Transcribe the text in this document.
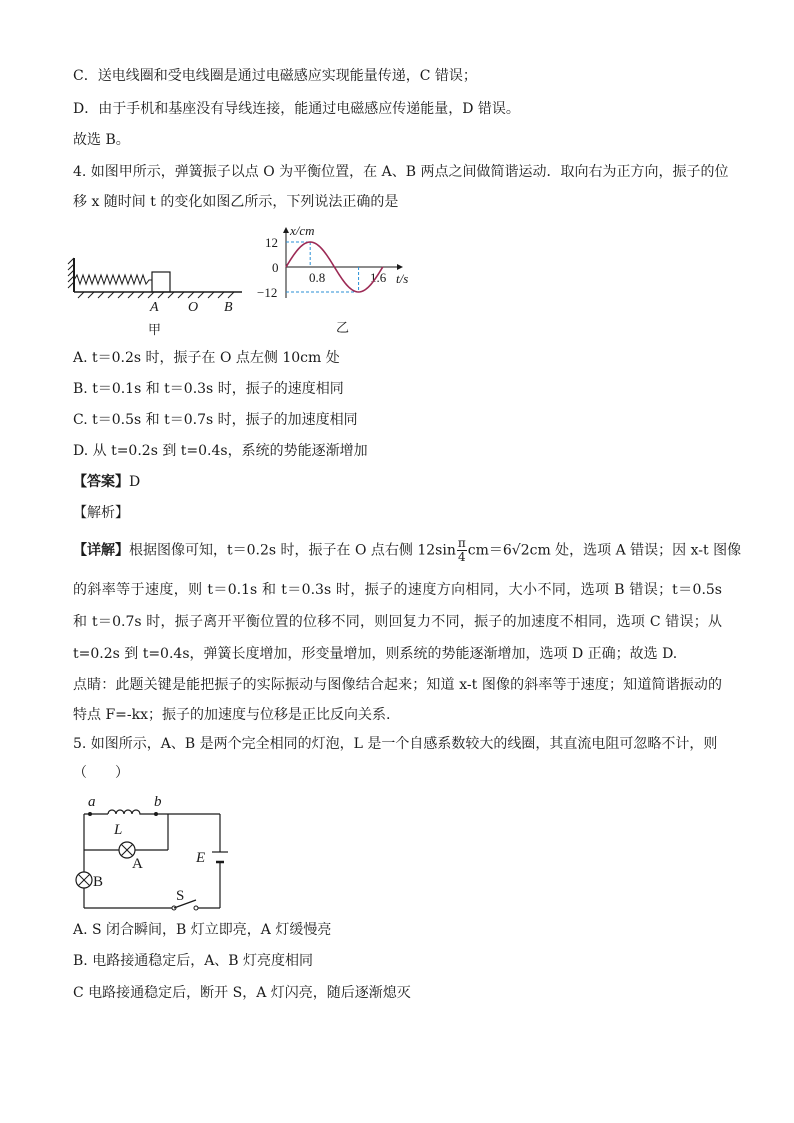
C．送电线圈和受电线圈是通过电磁感应实现能量传递，C 错误；
D．由于手机和基座没有导线连接，能通过电磁感应传递能量，D 错误。
故选 B。
4. 如图甲所示，弹簧振子以点 O 为平衡位置，在 A、B 两点之间做简谐运动．取向右为正方向，振子的位
移 x 随时间 t 的变化如图乙所示，下列说法正确的是
A O B
甲
x/cm
t/s
12
0
−12
0.8	1.6
乙
A. t＝0.2s 时，振子在 O 点左侧 10cm 处
B. t＝0.1s 和 t＝0.3s 时，振子的速度相同
C. t＝0.5s 和 t＝0.7s 时，振子的加速度相同
D. 从 t=0.2s 到 t=0.4s，系统的势能逐渐增加
【答案】D
【解析】
【详解】根据图像可知，t＝0.2s 时，振子在 O 点右侧 $12\sin \frac{\pi}{4} cm=6√2cm$ 处，选项 A 错误；因 x-t 图像
的斜率等于速度，则 t＝0.1s 和 t＝0.3s 时，振子的速度方向相同，大小不同，选项 B 错误；t＝0.5s 和 t＝0.7s 时，振子离开平衡位置的位移不同，则回复力不同，振子的加速度不相同，选项 C 错误；从 t=0.2s 到 t=0.4s，弹簧长度增加，形变量增加，则系统的势能逐渐增加，选项 D 正确；故选 D.
点睛：此题关键是能把振子的实际振动与图像结合起来；知道 x-t 图像的斜率等于速度；知道简谐振动的特点 F=-kx；振子的加速度与位移是正比反向关系.
5. 如图所示，A、B 是两个完全相同的灯泡，L 是一个自感系数较大的线圈，其直流电阻可忽略不计，则
（　　）
a	b
L
A
B
E
S
A. S 闭合瞬间，B 灯立即亮，A 灯缓慢亮
B. 电路接通稳定后，A、B 灯亮度相同
C 电路接通稳定后，断开 S，A 灯闪亮，随后逐渐熄灭
